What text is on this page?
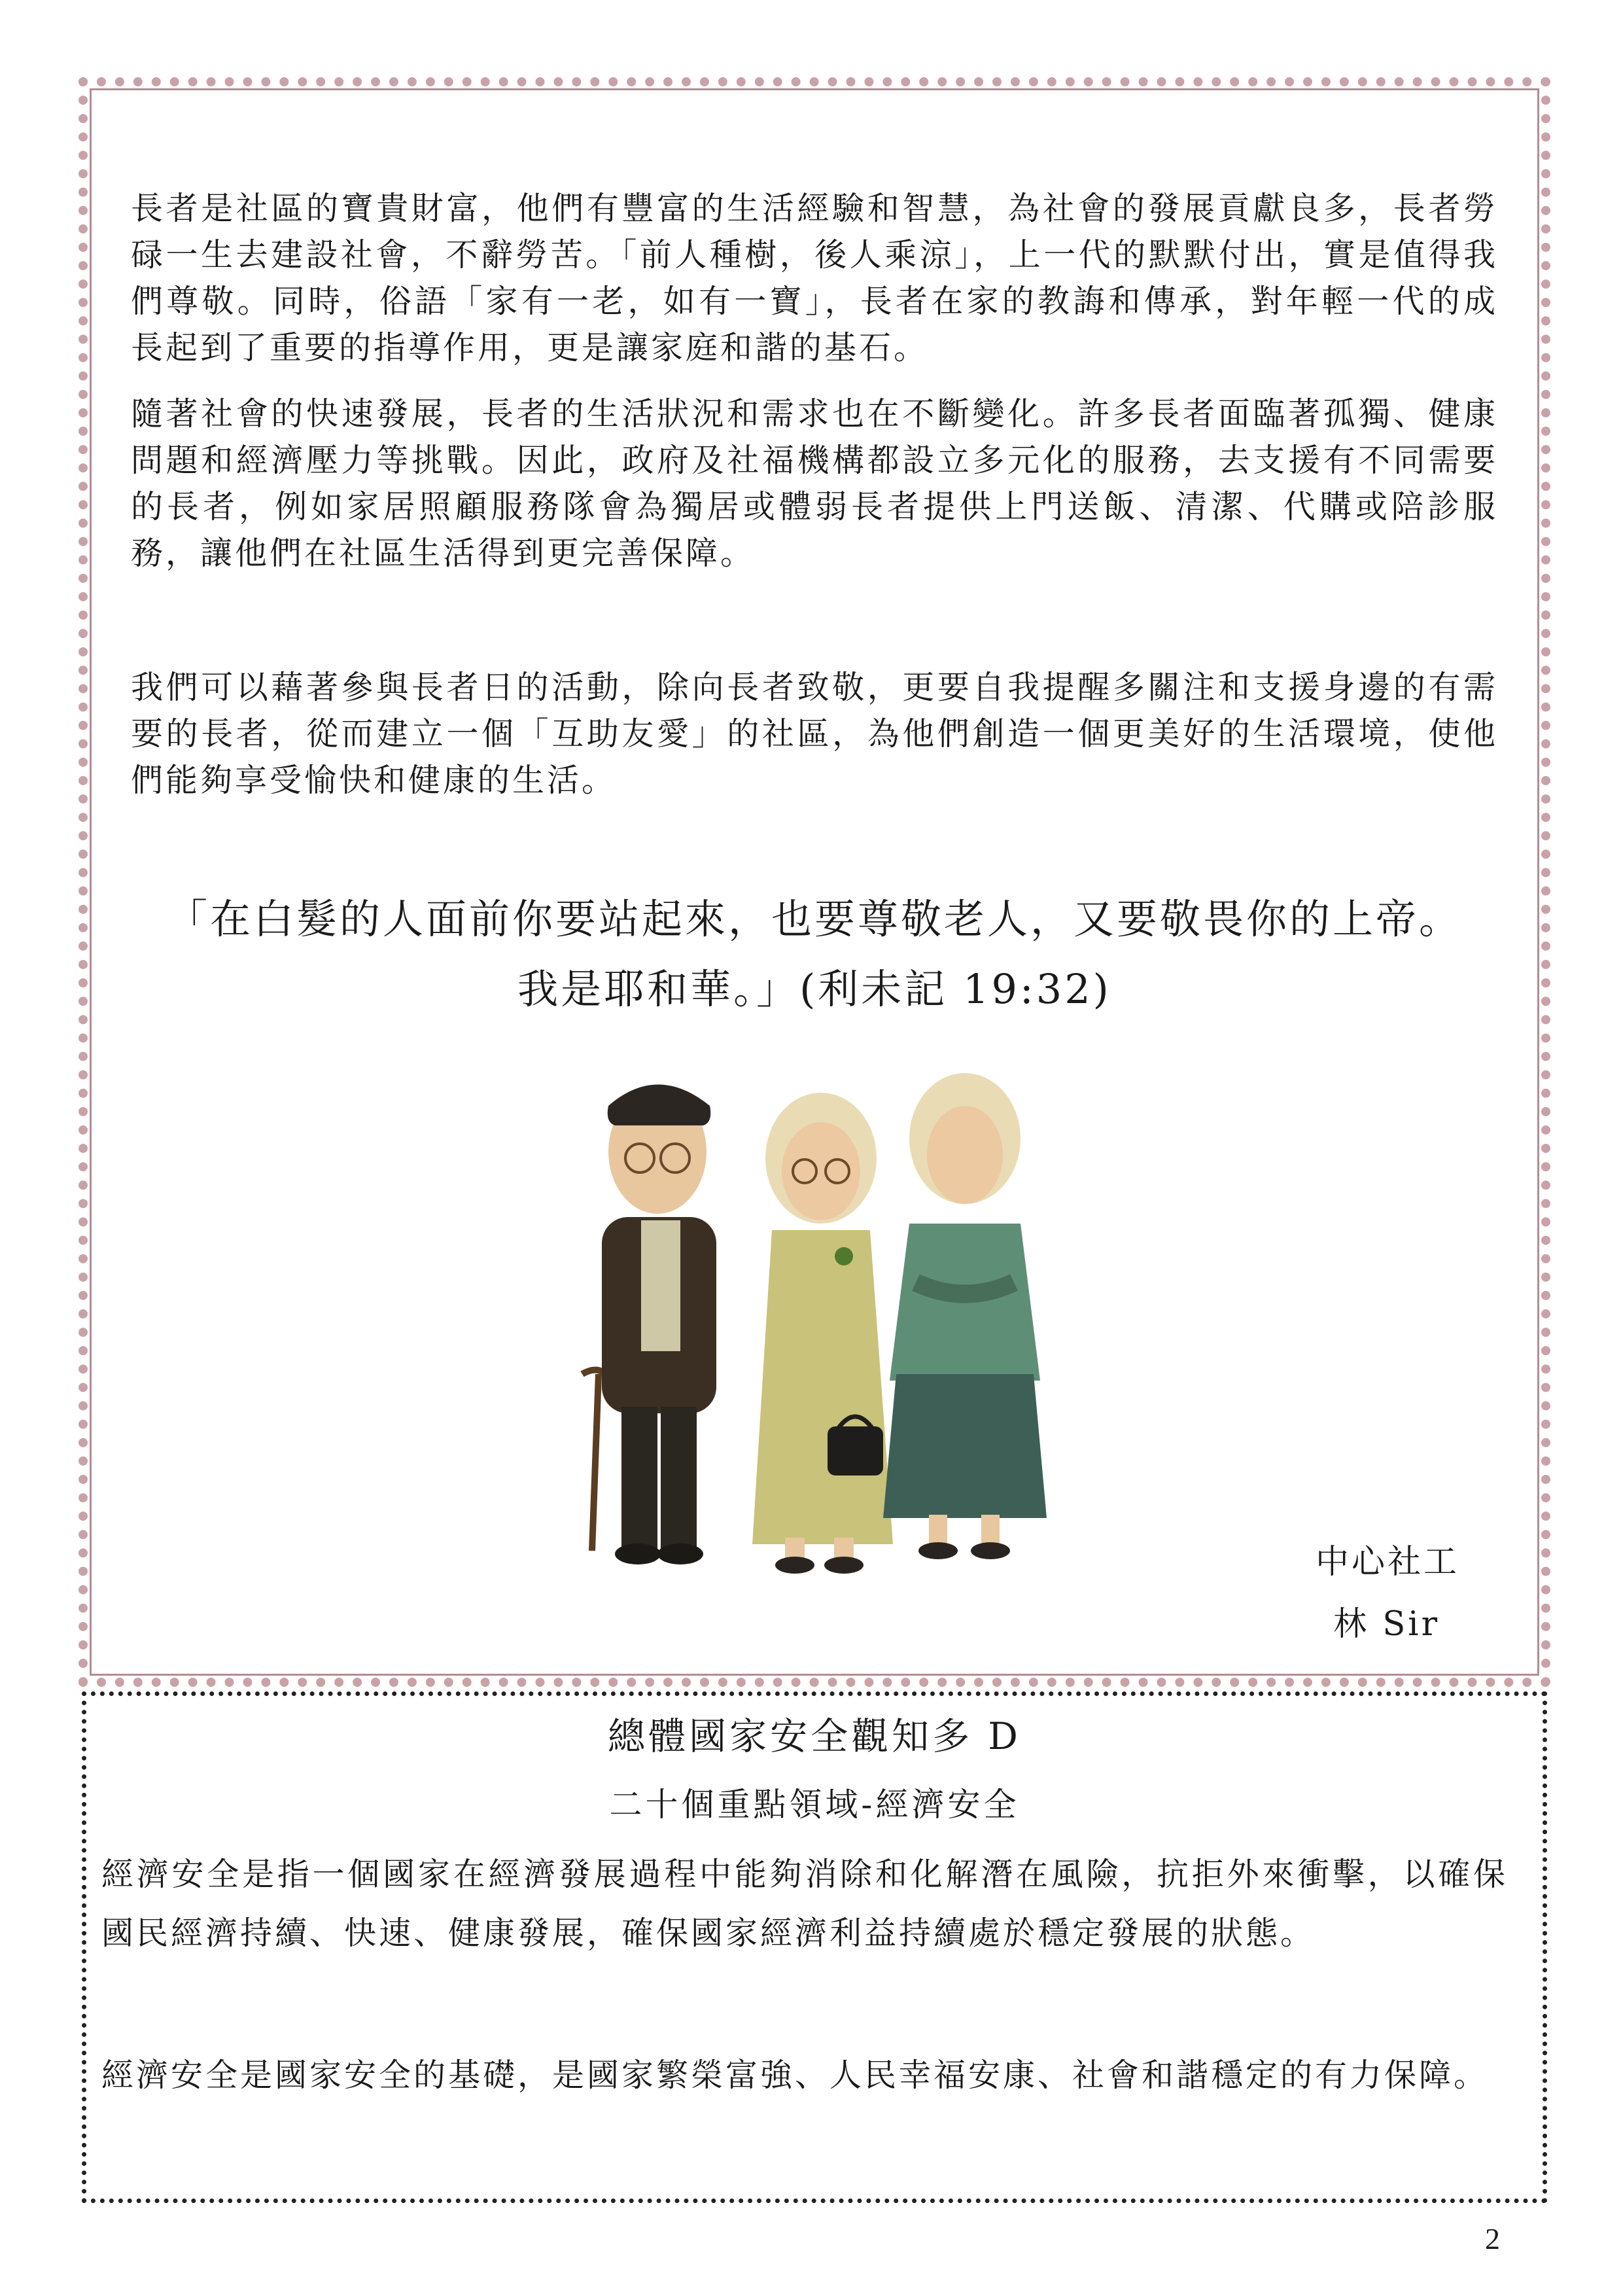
長者是社區的寶貴財富，他們有豐富的生活經驗和智慧，為社會的發展貢獻良多，長者勞碌一生去建設社會，不辭勞苦。「前人種樹，後人乘涼」，上一代的默默付出，實是值得我們尊敬。同時，俗語「家有一老，如有一寶」，長者在家的教誨和傳承，對年輕一代的成長起到了重要的指導作用，更是讓家庭和諧的基石。

隨著社會的快速發展，長者的生活狀況和需求也在不斷變化。許多長者面臨著孤獨、健康問題和經濟壓力等挑戰。因此，政府及社福機構都設立多元化的服務，去支援有不同需要的長者，例如家居照顧服務隊會為獨居或體弱長者提供上門送飯、清潔、代購或陪診服務，讓他們在社區生活得到更完善保障。

我們可以藉著參與長者日的活動，除向長者致敬，更要自我提醒多關注和支援身邊的有需要的長者，從而建立一個「互助友愛」的社區，為他們創造一個更美好的生活環境，使他們能夠享受愉快和健康的生活。

「在白髮的人面前你要站起來，也要尊敬老人，又要敬畏你的上帝。
我是耶和華。」(利未記 19:32)
中心社工
林 Sir
總體國家安全觀知多 D
二十個重點領域-經濟安全

經濟安全是指一個國家在經濟發展過程中能夠消除和化解潛在風險，抗拒外來衝擊，以確保國民經濟持續、快速、健康發展，確保國家經濟利益持續處於穩定發展的狀態。

經濟安全是國家安全的基礎，是國家繁榮富強、人民幸福安康、社會和諧穩定的有力保障。

2
